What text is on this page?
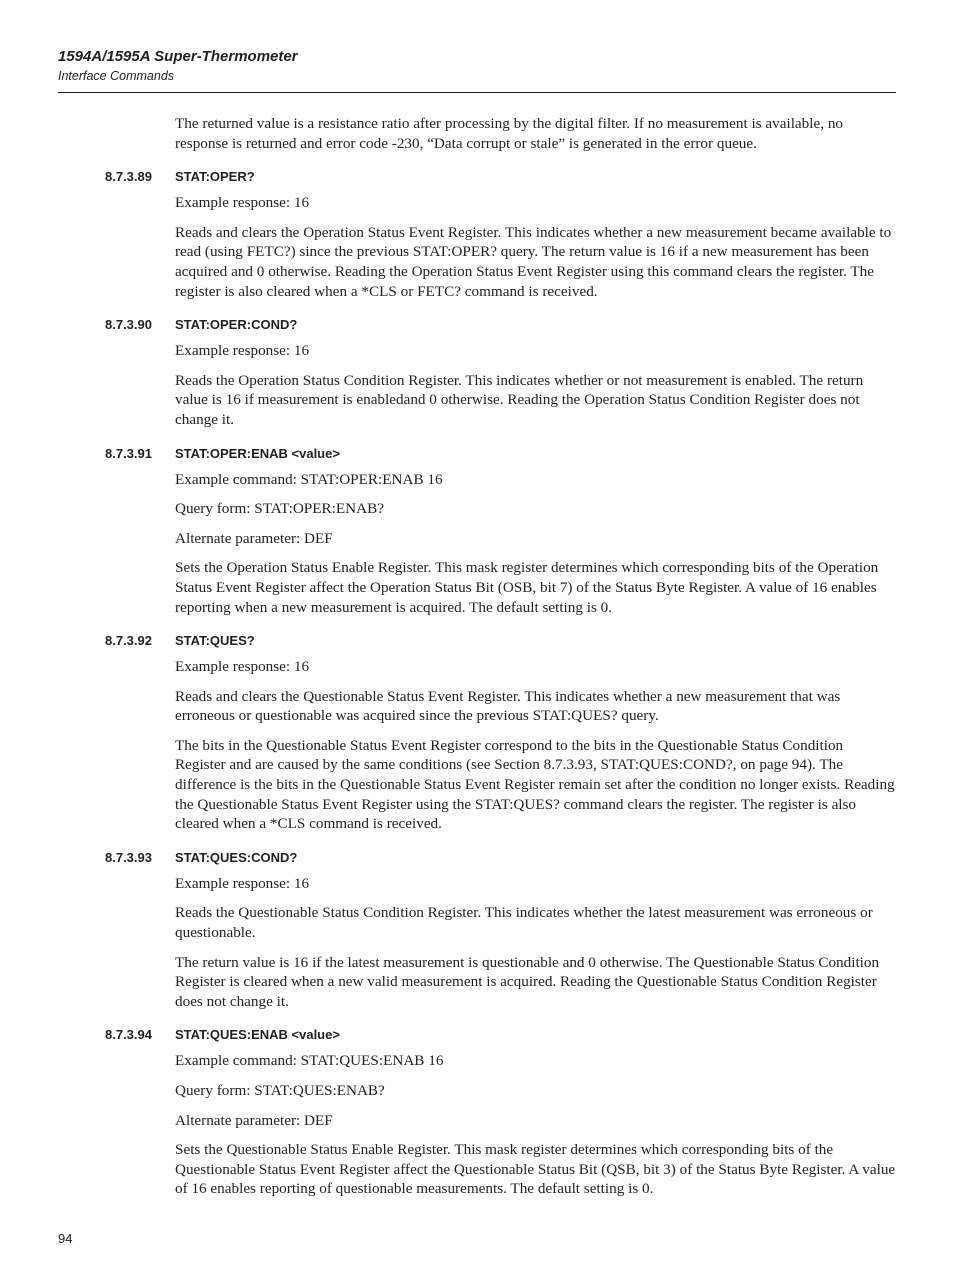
1594A/1595A Super-Thermometer
Interface Commands

The returned value is a resistance ratio after processing by the digital filter. If no measurement is available, no response is returned and error code -230, “Data corrupt or stale” is generated in the error queue.

8.7.3.89 STAT:OPER?

Example response: 16

Reads and clears the Operation Status Event Register. This indicates whether a new measurement became available to read (using FETC?) since the previous STAT:OPER? query. The return value is 16 if a new measurement has been acquired and 0 otherwise. Reading the Operation Status Event Register using this command clears the register. The register is also cleared when a *CLS or FETC? command is received.

8.7.3.90 STAT:OPER:COND?

Example response: 16

Reads the Operation Status Condition Register. This indicates whether or not measurement is enabled. The return value is 16 if measurement is enabledand 0 otherwise. Reading the Operation Status Condition Register does not change it.

8.7.3.91 STAT:OPER:ENAB <value>

Example command: STAT:OPER:ENAB 16

Query form: STAT:OPER:ENAB?

Alternate parameter: DEF

Sets the Operation Status Enable Register. This mask register determines which corresponding bits of the Operation Status Event Register affect the Operation Status Bit (OSB, bit 7) of the Status Byte Register. A value of 16 enables reporting when a new measurement is acquired. The default setting is 0.

8.7.3.92 STAT:QUES?

Example response: 16

Reads and clears the Questionable Status Event Register. This indicates whether a new measurement that was erroneous or questionable was acquired since the previous STAT:QUES? query.

The bits in the Questionable Status Event Register correspond to the bits in the Questionable Status Condition Register and are caused by the same conditions (see Section 8.7.3.93, STAT:QUES:COND?, on page 94). The difference is the bits in the Questionable Status Event Register remain set after the condition no longer exists. Reading the Questionable Status Event Register using the STAT:QUES? command clears the register. The register is also cleared when a *CLS command is received.

8.7.3.93 STAT:QUES:COND?

Example response: 16

Reads the Questionable Status Condition Register. This indicates whether the latest measurement was erroneous or questionable.

The return value is 16 if the latest measurement is questionable and 0 otherwise. The Questionable Status Condition Register is cleared when a new valid measurement is acquired. Reading the Questionable Status Condition Register does not change it.

8.7.3.94 STAT:QUES:ENAB <value>

Example command: STAT:QUES:ENAB 16

Query form: STAT:QUES:ENAB?

Alternate parameter: DEF

Sets the Questionable Status Enable Register. This mask register determines which corresponding bits of the Questionable Status Event Register affect the Questionable Status Bit (QSB, bit 3) of the Status Byte Register. A value of 16 enables reporting of questionable measurements. The default setting is 0.

94
